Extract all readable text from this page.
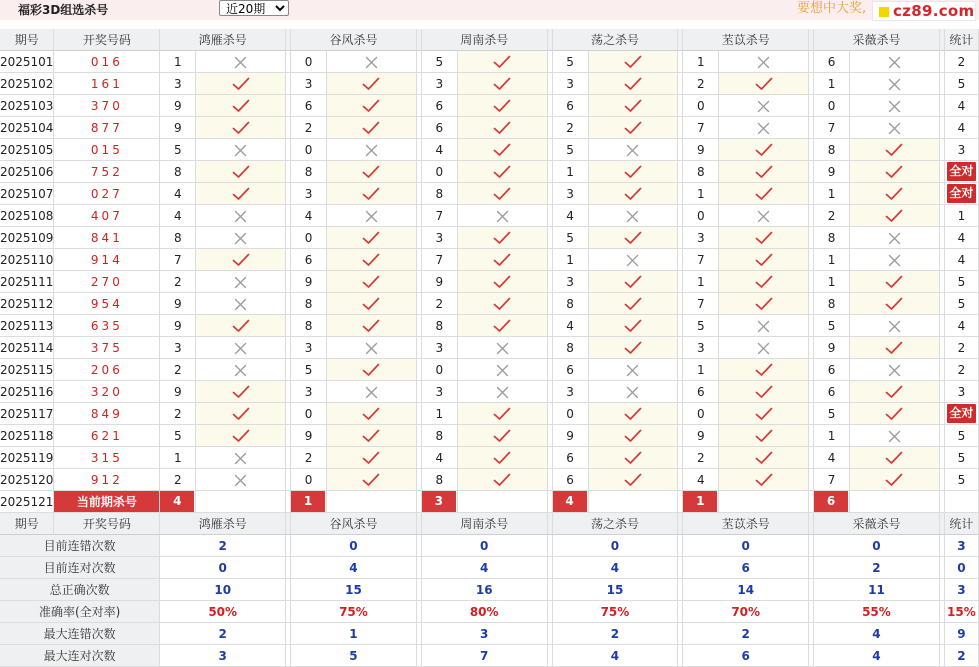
福彩3D组选杀号
近20期	要想中大奖, cz89.com
期号	开奖号码	鸿雁杀号			谷风杀号			周南杀号			荡之杀号			苤苡杀号			采薇杀号			统计
2025101	016	1			0			5			5			1			6			2
2025102	161	3			3			3			3			2			1			5
2025103	370	9			6			6			6			0			0			4
2025104	877	9			2			6			2			7			7			4
2025105	015	5			0			4			5			9			8			3
2025106	752	8			8			0			1			8			9			全对

2025107	027	4			3			8			3			1			1			全对

2025108	407	4			4			7			4			0			2			1
2025109	841	8			0			3			5			3			8			4
2025110	914	7			6			7			1			7			1			4
2025111	270	2			9			9			3			1			1			5
2025112	954	9			8			2			8			7			8			5
2025113	635	9			8			8			4			5			5			4
2025114	375	3			3			3			8			3			9			2
2025115	206	2			5			0			6			1			6			2
2025116	320	9			3			3			3			6			6			3
2025117	849	2			0			1			0			0			5			全对

2025118	621	5			9			8			9			9			1			5
2025119	315	1			2			4			6			2			4			5
2025120	912	2			0			8			6			4			7			5
2025121	当前期杀号	4			1			3			4			1			6			

期号	开奖号码	鸿雁杀号			谷风杀号			周南杀号			荡之杀号			苤苡杀号			采薇杀号			统计
目前连错次数		2			0			0			0			0			0			3
目前连对次数		0			4			4			4			6			2			0
总正确次数		10			15			16			15			14			11			3
准确率(全对率)		50%			75%			80%			75%			70%			55%			15%
最大连错次数		2			1			3			2			2			4			9
最大连对次数		3			5			7			4			6			4			2
